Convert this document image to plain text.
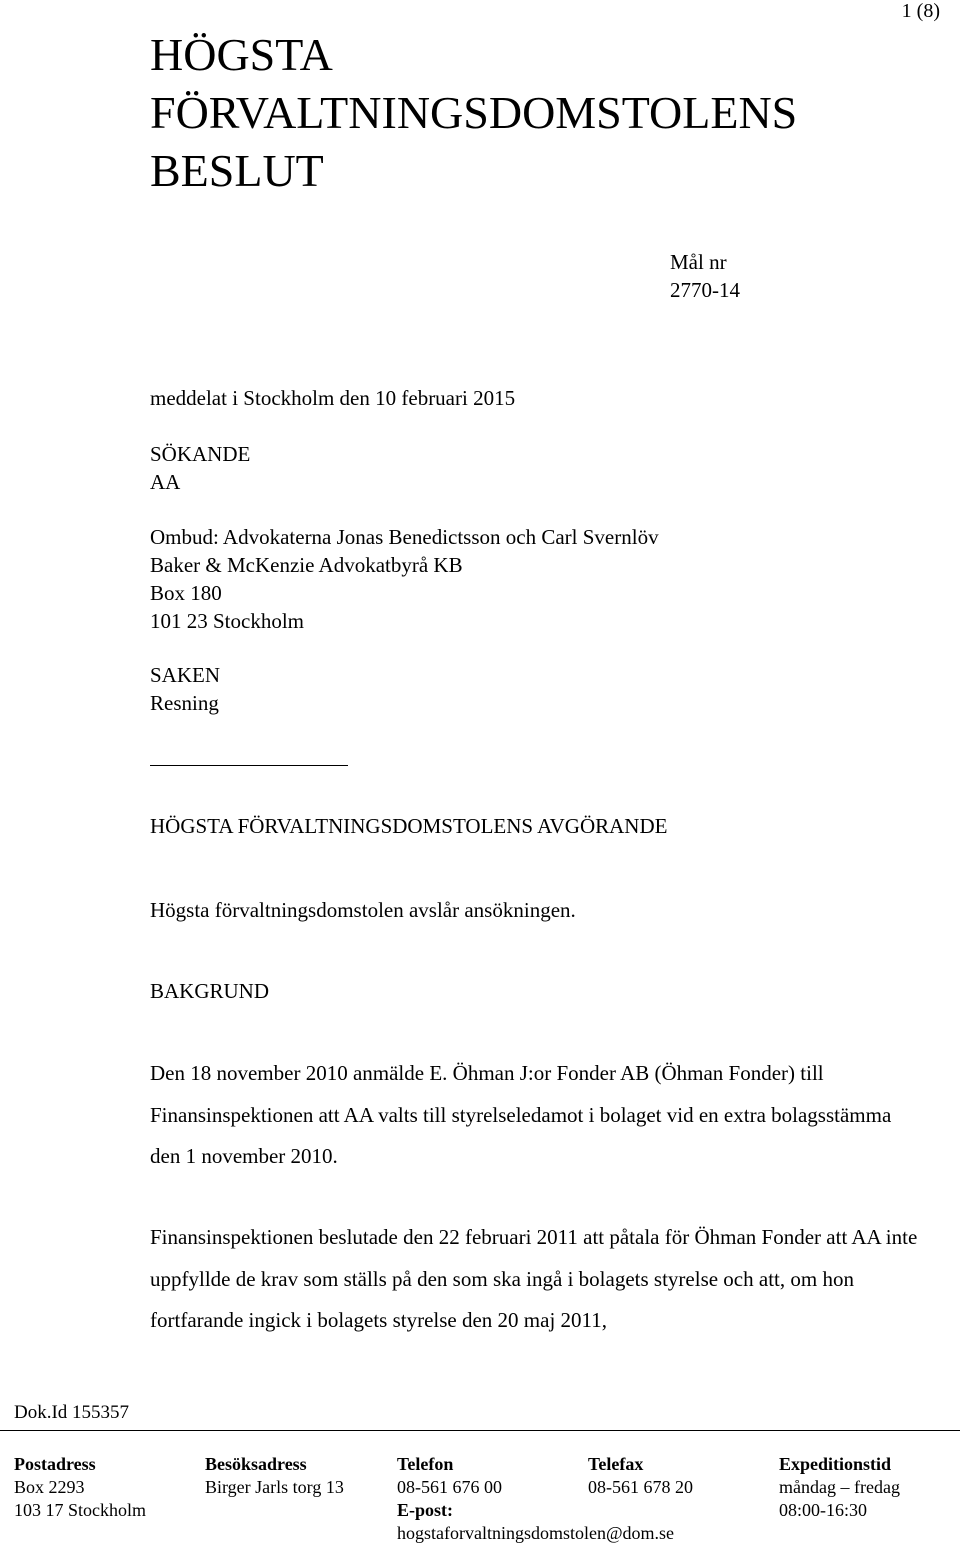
1 (8)
HÖGSTA
FÖRVALTNINGSDOMSTOLENS
BESLUT
Mål nr
2770-14
meddelat i Stockholm den 10 februari 2015
SÖKANDE
AA
Ombud: Advokaterna Jonas Benedictsson och Carl Svernlöv
Baker & McKenzie Advokatbyrå KB
Box 180
101 23 Stockholm
SAKEN
Resning
HÖGSTA FÖRVALTNINGSDOMSTOLENS AVGÖRANDE
Högsta förvaltningsdomstolen avslår ansökningen.
BAKGRUND
Den 18 november 2010 anmälde E. Öhman J:or Fonder AB (Öhman Fonder) till Finansinspektionen att AA valts till styrelseledamot i bolaget vid en extra bolagsstämma den 1 november 2010.
Finansinspektionen beslutade den 22 februari 2011 att påtala för Öhman Fonder att AA inte uppfyllde de krav som ställs på den som ska ingå i bolagets styrelse och att, om hon fortfarande ingick i bolagets styrelse den 20 maj 2011,
Dok.Id 155357
Postadress
Box 2293
103 17 Stockholm
Besöksadress
Birger Jarls torg 13
Telefon
08-561 676 00
E-post:
hogstaforvaltningsdomstolen@dom.se
Telefax
08-561 678 20
Expeditionstid
måndag – fredag
08:00-16:30
